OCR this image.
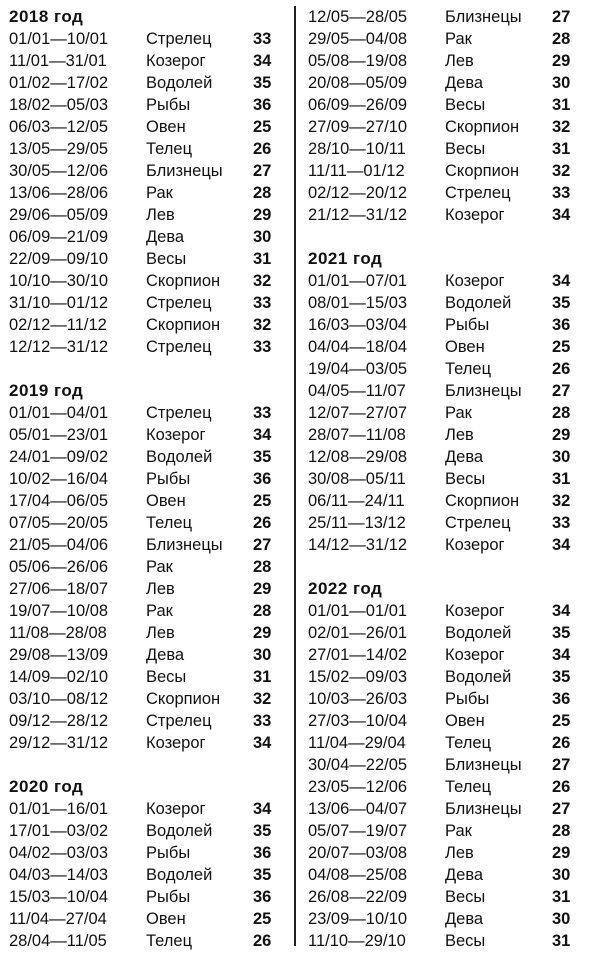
2018 год
01/01—10/01 Стрелец	33
11/01—31/01 Козерог	34
01/02—17/02 Водолей 35
18/02—05/03 Рыбы	36
06/03—12/05 Овен	25
13/05—29/05 Телец	26
30/05—12/06 Близнецы 27
13/06—28/06 Рак	28
29/06—05/09 Лев	29
06/09—21/09 Дева	30
22/09—09/10 Весы	31
10/10—30/10 Скорпион 32
31/10—01/12 Стрелец	33
02/12—11/12 Скорпион 32
12/12—31/12 Стрелец	33
2019 год
01/01—04/01 Стрелец	33
05/01—23/01 Козерог	34
24/01—09/02 Водолей 35
10/02—16/04 Рыбы	36
17/04—06/05 Овен	25
07/05—20/05 Телец	26
21/05—04/06 Близнецы 27
05/06—26/06 Рак	28
27/06—18/07 Лев	29
19/07—10/08 Рак	28
11/08—28/08 Лев	29
29/08—13/09 Дева	30
14/09—02/10 Весы	31
03/10—08/12 Скорпион 32
09/12—28/12 Стрелец	33
29/12—31/12 Козерог	34
2020 год
01/01—16/01 Козерог	34
17/01—03/02 Водолей 35
04/02—03/03 Рыбы	36
04/03—14/03 Водолей 35
15/03—10/04 Рыбы	36
11/04—27/04 Овен	25
28/04—11/05 Телец	26
12/05—28/05 Близнецы 27
29/05—04/08 Рак	28
05/08—19/08 Лев	29
20/08—05/09 Дева	30
06/09—26/09 Весы	31
27/09—27/10 Скорпион 32
28/10—10/11 Весы	31
11/11—01/12 Скорпион 32
02/12—20/12 Стрелец	33
21/12—31/12 Козерог	34
2021 год
01/01—07/01 Козерог	34
08/01—15/03 Водолей 35
16/03—03/04 Рыбы	36
04/04—18/04 Овен	25
19/04—03/05 Телец	26
04/05—11/07 Близнецы 27
12/07—27/07 Рак	28
28/07—11/08 Лев	29
12/08—29/08 Дева	30
30/08—05/11 Весы	31
06/11—24/11 Скорпион 32
25/11—13/12 Стрелец	33
14/12—31/12 Козерог	34
2022 год
01/01—01/01 Козерог	34
02/01—26/01 Водолей 35
27/01—14/02 Козерог	34
15/02—09/03 Водолей 35
10/03—26/03 Рыбы	36
27/03—10/04 Овен	25
11/04—29/04 Телец	26
30/04—22/05 Близнецы 27
23/05—12/06 Телец	26
13/06—04/07 Близнецы 27
05/07—19/07 Рак	28
20/07—03/08 Лев	29
04/08—25/08 Дева	30
26/08—22/09 Весы	31
23/09—10/10 Дева	30
11/10—29/10 Весы	31
